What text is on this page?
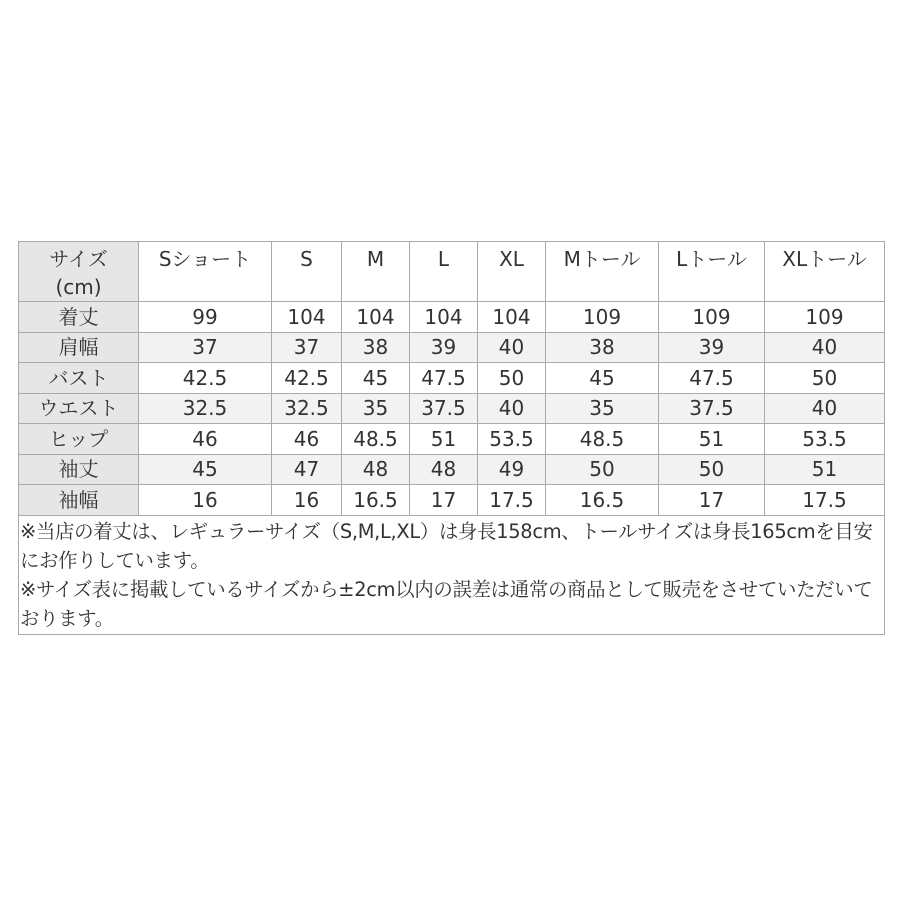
サイズ
(cm)	Sショート	S	M	L	XL	Mトール	Lトール	XLトール
着丈	99	104	104	104	104	109	109	109
肩幅	37	37	38	39	40	38	39	40
バスト	42.5	42.5	45	47.5	50	45	47.5	50
ウエスト	32.5	32.5	35	37.5	40	35	37.5	40
ヒップ	46	46	48.5	51	53.5	48.5	51	53.5
袖丈	45	47	48	48	49	50	50	51
袖幅	16	16	16.5	17	17.5	16.5	17	17.5

※当店の着丈は、レギュラーサイズ（S,M,L,XL）は身長158cm、トールサイズは身長165cmを目安にお作りしています。
※サイズ表に掲載しているサイズから±2cm以内の誤差は通常の商品として販売をさせていただいております。								
